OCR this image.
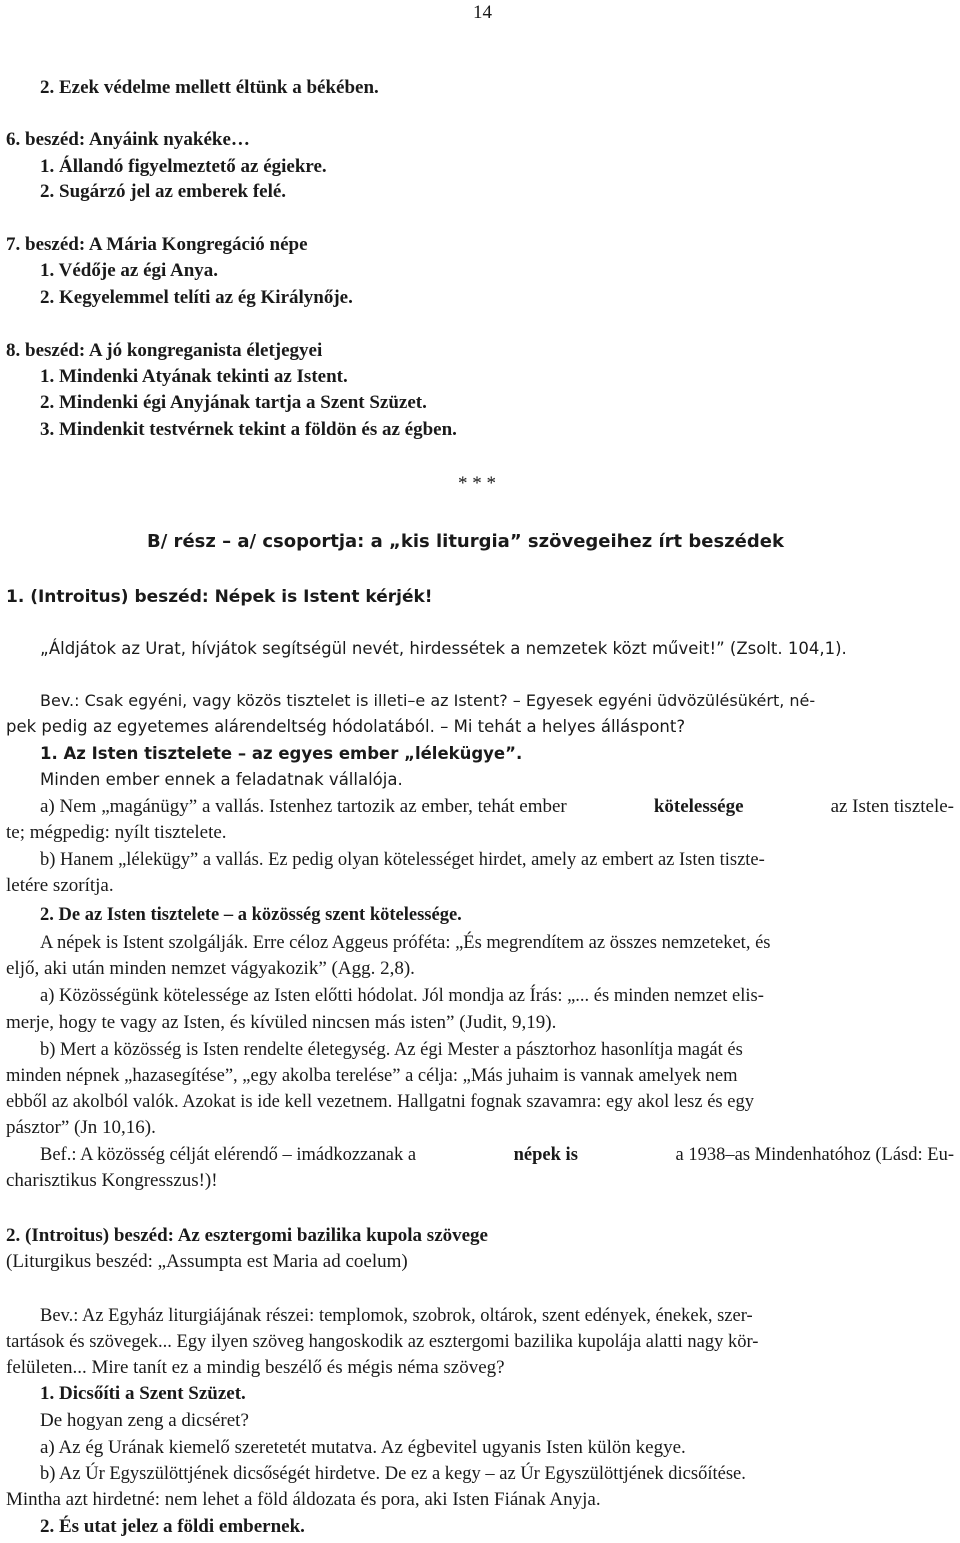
14
2. Ezek védelme mellett éltünk a békében.
6. beszéd: Anyáink nyakéke…
1. Állandó figyelmeztető az égiekre.
2. Sugárzó jel az emberek felé.
7. beszéd: A Mária Kongregáció népe
1. Védője az égi Anya.
2. Kegyelemmel telíti az ég Királynője.
8. beszéd: A jó kongreganista életjegyei
1. Mindenki Atyának tekinti az Istent.
2. Mindenki égi Anyjának tartja a Szent Szüzet.
3. Mindenkit testvérnek tekint a földön és az égben.
* * *
B/ rész – a/ csoportja: a „kis liturgia” szövegeihez írt beszédek
1. (Introitus) beszéd: Népek is Istent kérjék!
„Áldjátok az Urat, hívjátok segítségül nevét, hirdessétek a nemzetek közt műveit!” (Zsolt. 104,1).
Bev.: Csak egyéni, vagy közös tisztelet is illeti–e az Istent? – Egyesek egyéni üdvözülésükért, né-
pek pedig az egyetemes alárendeltség hódolatából. – Mi tehát a helyes álláspont?
1. Az Isten tisztelete – az egyes ember „lélekügye”.
Minden ember ennek a feladatnak vállalója.
a) Nem „magánügy” a vallás. Istenhez tartozik az ember, tehát ember	kötelessége	az Isten tisztele-
te; mégpedig: nyílt tisztelete.
b) Hanem „lélekügy” a vallás. Ez pedig olyan kötelességet hirdet, amely az embert az Isten tiszte-
letére szorítja.
2. De az Isten tisztelete – a közösség szent kötelessége.
A népek is Istent szolgálják. Erre céloz Aggeus próféta: „És megrendítem az összes nemzeteket, és
eljő, aki után minden nemzet vágyakozik” (Agg. 2,8).
a) Közösségünk kötelessége az Isten előtti hódolat. Jól mondja az Írás: „... és minden nemzet elis-
merje, hogy te vagy az Isten, és kívüled nincsen más isten” (Judit, 9,19).
b) Mert a közösség is Isten rendelte életegység. Az égi Mester a pásztorhoz hasonlítja magát és
minden népnek „hazasegítése”, „egy akolba terelése” a célja: „Más juhaim is vannak amelyek nem
ebből az akolból valók. Azokat is ide kell vezetnem. Hallgatni fognak szavamra: egy akol lesz és egy
pásztor” (Jn 10,16).
Bef.: A közösség célját elérendő – imádkozzanak a	népek is	a 1938–as Mindenhatóhoz (Lásd: Eu-
charisztikus Kongresszus!)!
2. (Introitus) beszéd: Az esztergomi bazilika kupola szövege
(Liturgikus beszéd: „Assumpta est Maria ad coelum)
Bev.: Az Egyház liturgiájának részei: templomok, szobrok, oltárok, szent edények, énekek, szer-
tartások és szövegek... Egy ilyen szöveg hangoskodik az esztergomi bazilika kupolája alatti nagy kör-
felületen... Mire tanít ez a mindig beszélő és mégis néma szöveg?
1. Dicsőíti a Szent Szüzet.
De hogyan zeng a dicséret?
a) Az ég Urának kiemelő szeretetét mutatva. Az égbevitel ugyanis Isten külön kegye.
b) Az Úr Egyszülöttjének dicsőségét hirdetve. De ez a kegy – az Úr Egyszülöttjének dicsőítése.
Mintha azt hirdetné: nem lehet a föld áldozata és pora, aki Isten Fiának Anyja.
2. És utat jelez a földi embernek.
